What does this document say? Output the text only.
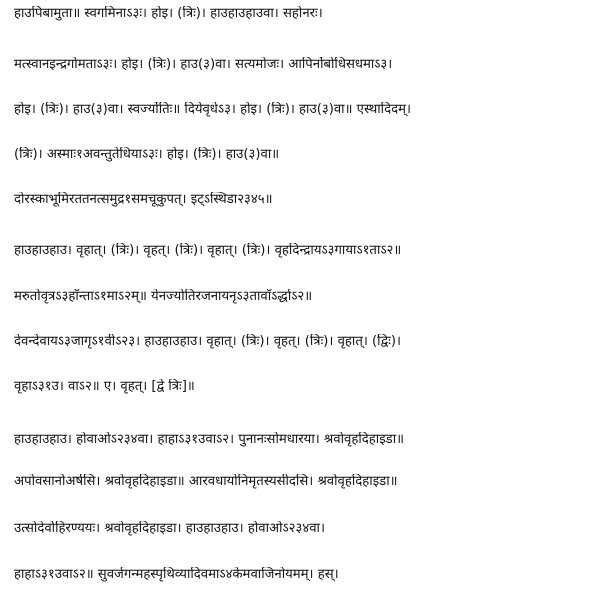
हाउपिबामुता॥ स्वगमिनाऽ३ः। होइ। (त्रिः)। हाउहाउहाउवा। सहोनरः।
मत्स्वानइन्द्रगोमताऽ३ः। होइ। (त्रिः)। हाउ(३)वा। सत्यमोजः। आपिर्नोबोधिसधमाऽ३।
होइ। (त्रिः)। हाउ(३)वा। स्वर्ज्योतिः॥ दियेवृधेऽ३। होइ। (त्रिः)। हाउ(३)वा॥ एस्थादिदम्।
(त्रिः)। अस्माः१अवन्तुतेधियाऽ३ः। होइ। (त्रिः)। हाउ(३)वा॥
दोरस्काभूमिरततनत्समुद्र१समचूकुपत्। इट्ऽस्थिडा२३४५॥
हाउहाउहाउ। वृहात्। (त्रिः)। वृहत्। (त्रिः)। वृहात्। (त्रिः)। वृहदिन्द्रायऽ३गायाऽ१ताऽ२॥
मरुतोवृत्रऽ३हाँन्ताऽ१माऽ२म्॥ येनज्योतिरजनायनृऽ३तावाँऽर्द्धाऽ२॥
देवन्देवायऽ३जागृऽ१वीऽ२३। हाउहाउहाउ। वृहात्। (त्रिः)। वृहत्। (त्रिः)। वृहात्। (द्विः)।
वृहाऽ३१उ। वाऽ२॥ ए। वृहत्। [द्वे त्रिः]॥
हाउहाउहाउ। होवाओऽ२३४वा। हाहाऽ३१उवाऽ२। पुनानःसोमधारया। श्रवोवृहदिहाइडा॥
अपोवसानोअर्षसि। श्रवोवृहदिहाइडा॥ आरवधायोनिमृतस्यसीदसि। श्रवोवृहदिहाइडा॥
उत्सोदेवोहिरण्ययः। श्रवोवृहदिहाइडा। हाउहाउहाउ। होवाओऽ२३४वा।
हाहाऽ३१उवाऽ२॥ सुवर्जगन्महस्पृथिव्यादिवमाऽ४केमवाजिनोयमम्। हस्।
